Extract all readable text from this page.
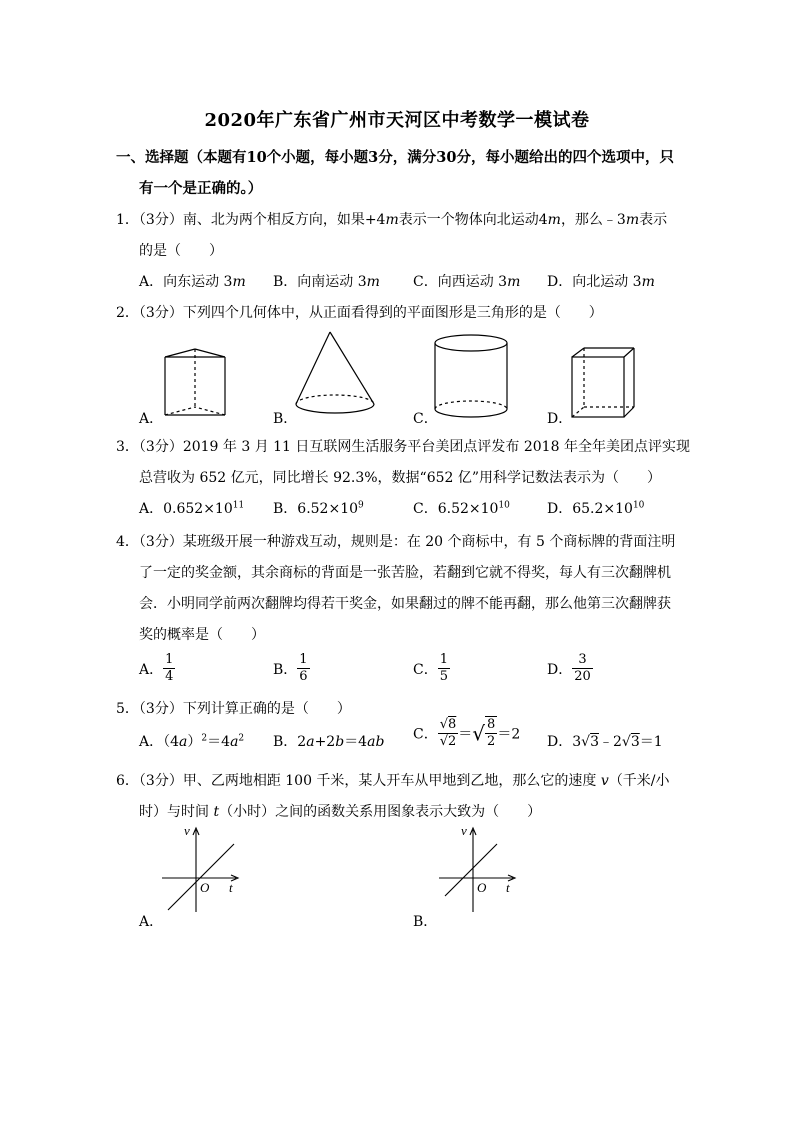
2020年广东省广州市天河区中考数学一模试卷
一、选择题（本题有10个小题，每小题3分，满分30分，每小题给出的四个选项中，只
有一个是正确的。）
1．（3分）南、北为两个相反方向，如果+4m表示一个物体向北运动4m，那么﹣3m表示
的是（　　）
A．向东运动 3m B．向南运动 3m C．向西运动 3m D．向北运动 3m
2．（3分）下列四个几何体中，从正面看得到的平面图形是三角形的是（　　）
A．	B．	C．	D．
3．（3分）2019 年 3 月 11 日互联网生活服务平台美团点评发布 2018 年全年美团点评实现
总营收为 652 亿元，同比增长 92.3%，数据“652 亿”用科学记数法表示为（　　）
A．$0.652\times 10^{11}$ B．$6.52\times 10^9$	C．$6.52\times 10^{10}$	D．$65.2\times 10^{10}$
4．（3分）某班级开展一种游戏互动，规则是：在 20 个商标中，有 5 个商标牌的背面注明
了一定的奖金额，其余商标的背面是一张苦脸，若翻到它就不得奖，每人有三次翻牌机
会．小明同学前两次翻牌均得若干奖金，如果翻过的牌不能再翻，那么他第三次翻牌获
奖的概率是（　　）
A． $\frac{1}{4}$	B． $\frac{1}{6}$	C． $\frac{1}{5}$	D． $\frac{3}{20}$
5．（3分）下列计算正确的是（　　）
A．$(4a)^2=4a^2$ B．2a+2b＝4ab C． $\frac{√8}{√2}$ ＝√ $\frac{8}{2} =2$ D．3√3﹣2√3＝1
6．（3分）甲、乙两地相距 100 千米，某人开车从甲地到乙地，那么它的速度 v（千米/小
时）与时间 t（小时）之间的函数关系用图象表示大致为（　　）
v
O t
A．
v
O t
B．
